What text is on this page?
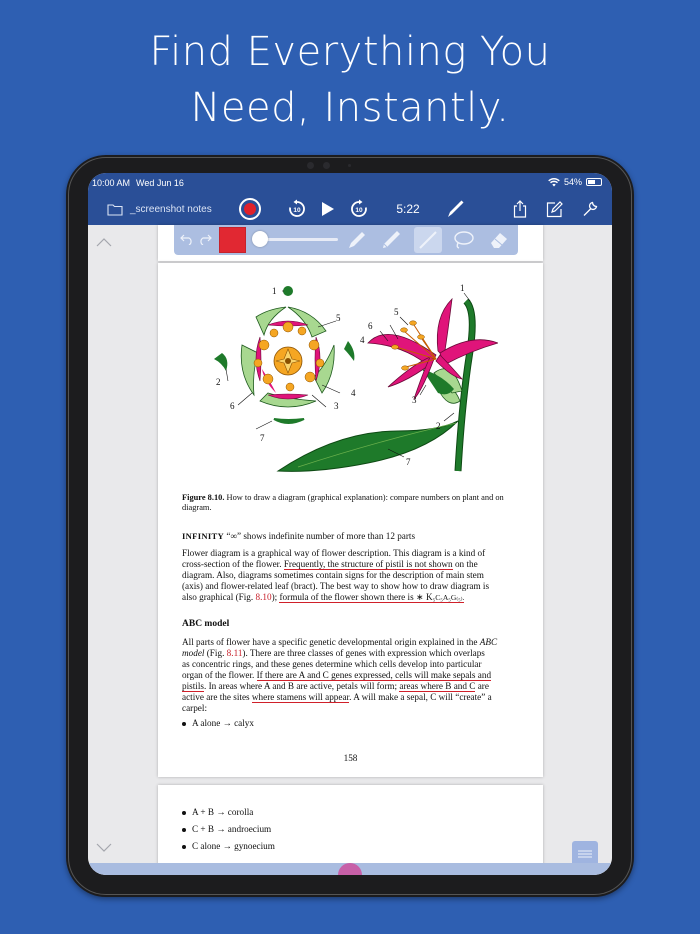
Find Everything You
Need, Instantly.
10:00 AM Wed Jun 16	54%
_screenshot notes	10	10	5:22
1
5
2
4
6	3
7
5
6
1
4
3
2
7
Figure 8.10. How to draw a diagram (graphical explanation): compare numbers on plant and on diagram.
INFINITY “∞” shows indefinite number of more than 12 parts
Flower diagram is a graphical way of flower description. This diagram is a kind of
cross-section of the flower. Frequently, the structure of pistil is not shown on the
diagram. Also, diagrams sometimes contain signs for the description of main stem
(axis) and flower-related leaf (bract). The best way to show how to draw diagram is
also graphical (Fig. 8.10); formula of the flower shown there is ∗ K₅C₅A₅G₍₅₎.
ABC model
All parts of flower have a specific genetic developmental origin explained in the ABC
model (Fig. 8.11). There are three classes of genes with expression which overlaps
as concentric rings, and these genes determine which cells develop into particular
organ of the flower. If there are A and C genes expressed, cells will make sepals and
pistils. In areas where A and B are active, petals will form; areas where B and C are
active are the sites where stamens will appear. A will make a sepal, C will “create” a
carpel:
A alone → calyx
158
A + B → corolla
C + B → androecium
C alone → gynoecium
